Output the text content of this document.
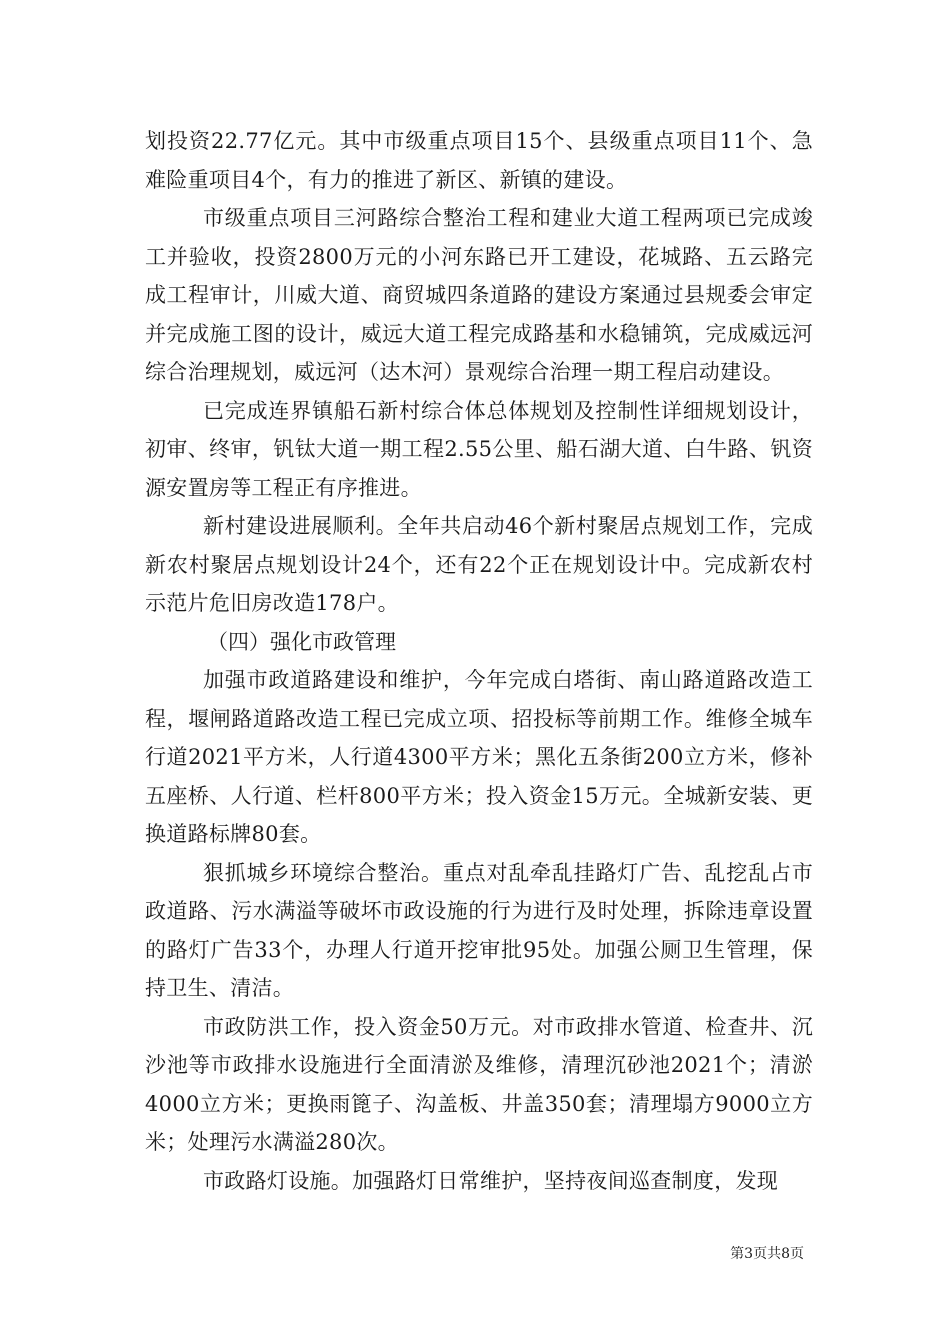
划投资22.77亿元。其中市级重点项目15个、县级重点项目11个、急难险重项目4个，有力的推进了新区、新镇的建设。

市级重点项目三河路综合整治工程和建业大道工程两项已完成竣工并验收，投资2800万元的小河东路已开工建设，花城路、五云路完成工程审计，川威大道、商贸城四条道路的建设方案通过县规委会审定并完成施工图的设计，威远大道工程完成路基和水稳铺筑，完成威远河综合治理规划，威远河（达木河）景观综合治理一期工程启动建设。

已完成连界镇船石新村综合体总体规划及控制性详细规划设计，初审、终审，钒钛大道一期工程2.55公里、船石湖大道、白牛路、钒资源安置房等工程正有序推进。

新村建设进展顺利。全年共启动46个新村聚居点规划工作，完成新农村聚居点规划设计24个，还有22个正在规划设计中。完成新农村示范片危旧房改造178户。

（四）强化市政管理

加强市政道路建设和维护，今年完成白塔街、南山路道路改造工程，堰闸路道路改造工程已完成立项、招投标等前期工作。维修全城车行道2021平方米，人行道4300平方米；黑化五条街200立方米，修补五座桥、人行道、栏杆800平方米；投入资金15万元。全城新安装、更换道路标牌80套。

狠抓城乡环境综合整治。重点对乱牵乱挂路灯广告、乱挖乱占市政道路、污水满溢等破坏市政设施的行为进行及时处理，拆除违章设置的路灯广告33个，办理人行道开挖审批95处。加强公厕卫生管理，保持卫生、清洁。

市政防洪工作，投入资金50万元。对市政排水管道、检查井、沉沙池等市政排水设施进行全面清淤及维修，清理沉砂池2021个；清淤4000立方米；更换雨篦子、沟盖板、井盖350套；清理塌方9000立方米；处理污水满溢280次。

市政路灯设施。加强路灯日常维护，坚持夜间巡查制度，发现

第3页共8页
